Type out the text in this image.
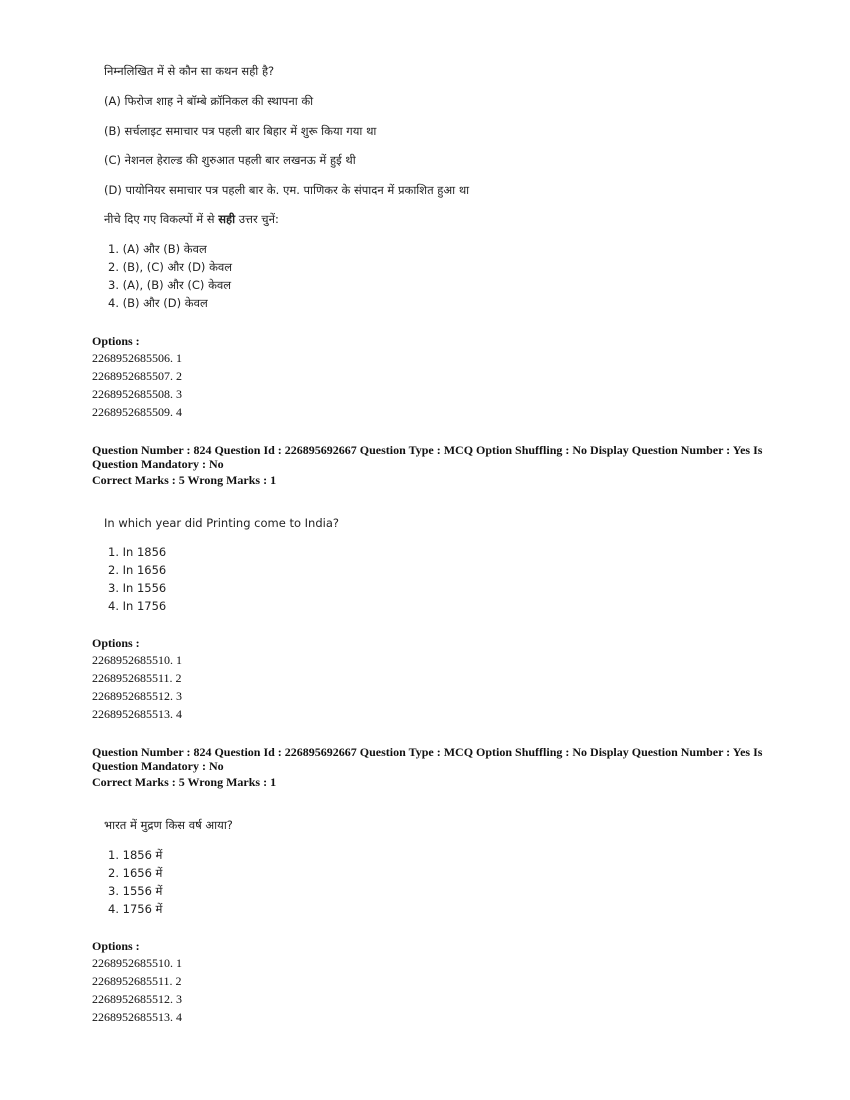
निम्नलिखित में से कौन सा कथन सही है?
(A) फिरोज शाह ने बॉम्बे क्रॉनिकल की स्थापना की
(B) सर्चलाइट समाचार पत्र पहली बार बिहार में शुरू किया गया था
(C) नेशनल हेराल्ड की शुरुआत पहली बार लखनऊ में हुई थी
(D) पायोनियर समाचार पत्र पहली बार के. एम. पाणिकर के संपादन में प्रकाशित हुआ था
नीचे दिए गए विकल्पों में से सही उत्तर चुनें:
1. (A) और (B) केवल
2. (B), (C) और (D) केवल
3. (A), (B) और (C) केवल
4. (B) और (D) केवल
Options :
2268952685506. 1
2268952685507. 2
2268952685508. 3
2268952685509. 4
Question Number : 824 Question Id : 226895692667 Question Type : MCQ Option Shuffling : No Display Question Number : Yes Is Question Mandatory : No
Correct Marks : 5 Wrong Marks : 1
In which year did Printing come to India?
1. In 1856
2. In 1656
3. In 1556
4. In 1756
Options :
2268952685510. 1
2268952685511. 2
2268952685512. 3
2268952685513. 4
Question Number : 824 Question Id : 226895692667 Question Type : MCQ Option Shuffling : No Display Question Number : Yes Is Question Mandatory : No
Correct Marks : 5 Wrong Marks : 1
भारत में मुद्रण किस वर्ष आया?
1. 1856 में
2. 1656 में
3. 1556 में
4. 1756 में
Options :
2268952685510. 1
2268952685511. 2
2268952685512. 3
2268952685513. 4
